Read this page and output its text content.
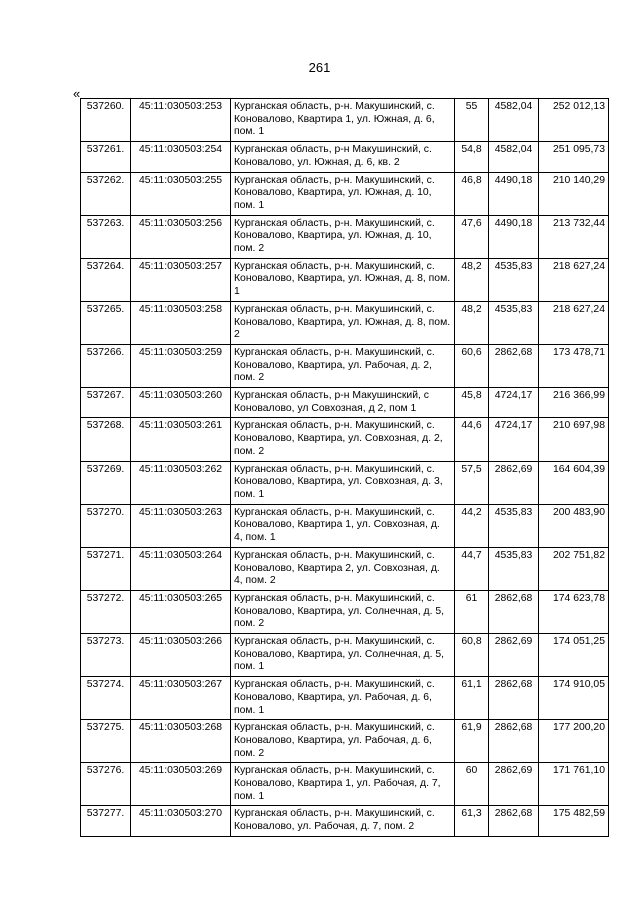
261
«
537260.	45:11:030503:253	Курганская область, р-н. Макушинский, с. Коноваловo, Квартира 1, ул. Южная, д. 6, пом. 1	55	4582,04	252 012,13
537261.	45:11:030503:254	Курганская область, р-н Макушинский, с. Коновалово, ул. Южная, д. 6, кв. 2	54,8	4582,04	251 095,73
537262.	45:11:030503:255	Курганская область, р-н. Макушинский, с. Коновалово, Квартира, ул. Южная, д. 10, пом. 1	46,8	4490,18	210 140,29
537263.	45:11:030503:256	Курганская область, р-н. Макушинский, с. Коновалово, Квартира, ул. Южная, д. 10, пом. 2	47,6	4490,18	213 732,44
537264.	45:11:030503:257	Курганская область, р-н. Макушинский, с. Коновалово, Квартира, ул. Южная, д. 8, пом. 1	48,2	4535,83	218 627,24
537265.	45:11:030503:258	Курганская область, р-н. Макушинский, с. Коновалово, Квартира, ул. Южная, д. 8, пом. 2	48,2	4535,83	218 627,24
537266.	45:11:030503:259	Курганская область, р-н. Макушинский, с. Коновалово, Квартира, ул. Рабочая, д. 2, пом. 2	60,6	2862,68	173 478,71
537267.	45:11:030503:260	Курганская область, р-н Макушинский, с Коновалово, ул Совхозная, д 2, пом 1	45,8	4724,17	216 366,99
537268.	45:11:030503:261	Курганская область, р-н. Макушинский, с. Коновалово, Квартира, ул. Совхозная, д. 2, пом. 2	44,6	4724,17	210 697,98
537269.	45:11:030503:262	Курганская область, р-н. Макушинский, с. Коновалово, Квартира, ул. Совхозная, д. 3, пом. 1	57,5	2862,69	164 604,39
537270.	45:11:030503:263	Курганская область, р-н. Макушинский, с. Коновалово, Квартира 1, ул. Совхозная, д. 4, пом. 1	44,2	4535,83	200 483,90
537271.	45:11:030503:264	Курганская область, р-н. Макушинский, с. Коновалово, Квартира 2, ул. Совхозная, д. 4, пом. 2	44,7	4535,83	202 751,82
537272.	45:11:030503:265	Курганская область, р-н. Макушинский, с. Коновалово, Квартира, ул. Солнечная, д. 5, пом. 2	61	2862,68	174 623,78
537273.	45:11:030503:266	Курганская область, р-н. Макушинский, с. Коновалово, Квартира, ул. Солнечная, д. 5, пом. 1	60,8	2862,69	174 051,25
537274.	45:11:030503:267	Курганская область, р-н. Макушинский, с. Коновалово, Квартира, ул. Рабочая, д. 6, пом. 1	61,1	2862,68	174 910,05
537275.	45:11:030503:268	Курганская область, р-н. Макушинский, с. Коновалово, Квартира, ул. Рабочая, д. 6, пом. 2	61,9	2862,68	177 200,20
537276.	45:11:030503:269	Курганская область, р-н. Макушинский, с. Коновалово, Квартира 1, ул. Рабочая, д. 7, пом. 1	60	2862,69	171 761,10
537277.	45:11:030503:270	Курганская область, р-н. Макушинский, с. Коновалово, ул. Рабочая, д. 7, пом. 2	61,3	2862,68	175 482,59
